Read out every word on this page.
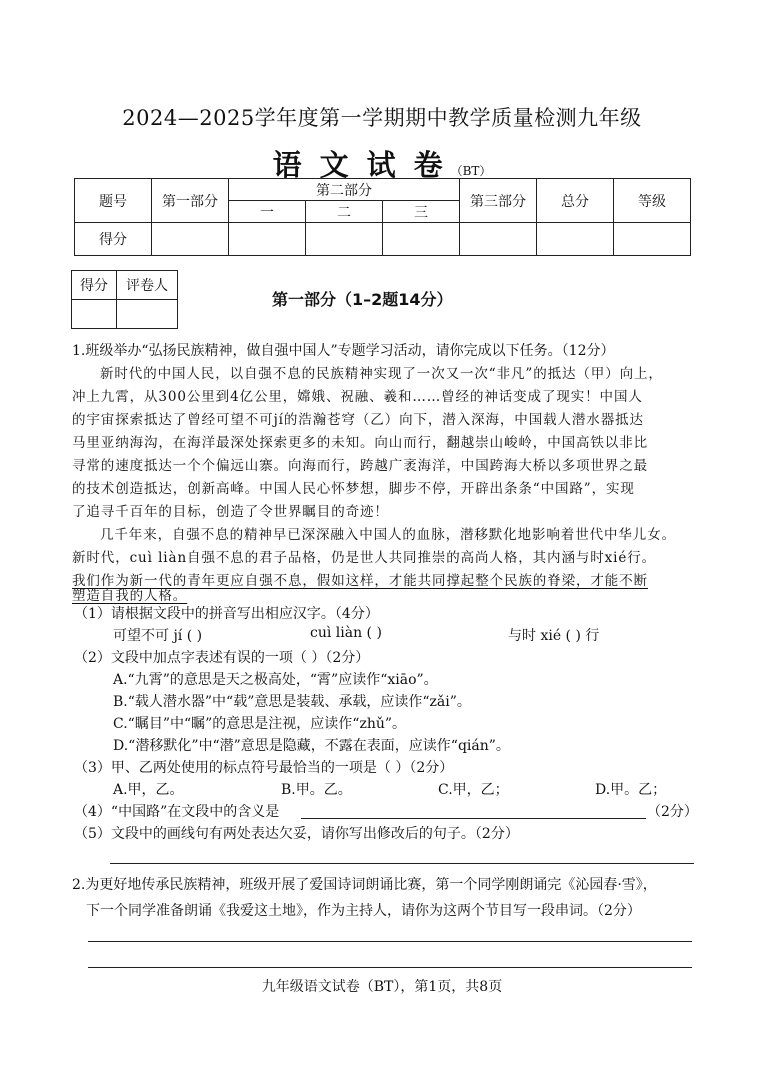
2024—2025学年度第一学期期中教学质量检测九年级
语文试卷（BT）
题号	第一部分	第二部分			第三部分	总分	等级
		一	二	三			
得分							
得分	评卷人

第一部分（1–2题14分）
1.班级举办“弘扬民族精神，做自强中国人”专题学习活动，请你完成以下任务。（12分）
新时代的中国人民，以自强不息的民族精神实现了一次又一次“非凡”的抵达（甲）向上，
冲上九霄，从300公里到4亿公里，嫦娥、祝融、羲和……曾经的神话变成了现实！中国人
的宇宙探索抵达了曾经可望不可jí的浩瀚苍穹（乙）向下，潜入深海，中国载人潜水器抵达
马里亚纳海沟，在海洋最深处探索更多的未知。向山而行，翻越崇山峻岭，中国高铁以非比
寻常的速度抵达一个个偏远山寨。向海而行，跨越广袤海洋，中国跨海大桥以多项世界之最
的技术创造抵达，创新高峰。中国人民心怀梦想，脚步不停，开辟出条条“中国路”，实现
了追寻千百年的目标，创造了令世界瞩目的奇迹！
几千年来，自强不息的精神早已深深融入中国人的血脉，潜移默化地影响着世代中华儿女。
新时代，cuì liàn自强不息的君子品格，仍是世人共同推崇的高尚人格，其内涵与时xié行。
我们作为新一代的青年更应自强不息，假如这样，才能共同撑起整个民族的脊梁，才能不断
塑造自我的人格。
（1）请根据文段中的拼音写出相应汉字。（4分）
可望不可 jí ( )	cuì liàn ( )	与时 xié ( ) 行
（2）文段中加点字表述有误的一项（ ）（2分）
A.“九霄”的意思是天之极高处，“霄”应读作“xiāo”。
B.“载人潜水器”中“载”意思是装载、承载，应读作“zǎi”。
C.“瞩目”中“瞩”的意思是注视，应读作“zhǔ”。
D.“潜移默化”中“潜”意思是隐藏，不露在表面，应读作“qián”。
（3）甲、乙两处使用的标点符号最恰当的一项是（ ）（2分）
A.甲，乙。	B.甲。乙。	C.甲，乙；	D.甲。乙；
（4）“中国路”在文段中的含义是	（2分）
（5）文段中的画线句有两处表达欠妥，请你写出修改后的句子。（2分）
2.为更好地传承民族精神，班级开展了爱国诗词朗诵比赛，第一个同学刚朗诵完《沁园春·雪》，
下一个同学准备朗诵《我爱这土地》，作为主持人，请你为这两个节目写一段串词。（2分）
九年级语文试卷（BT），第1页，共8页
